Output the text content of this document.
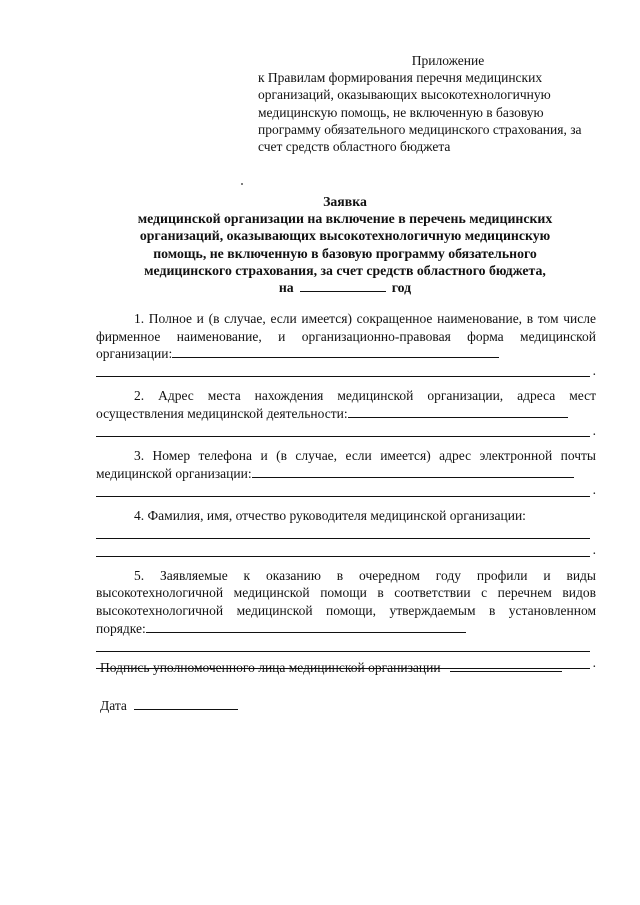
Приложение
к Правилам формирования перечня медицинских организаций, оказывающих высокотехнологичную медицинскую помощь, не включенную в базовую программу обязательного медицинского страхования, за счет средств областного бюджета
Заявка
медицинской организации на включение в перечень медицинских
организаций, оказывающих высокотехнологичную медицинскую
помощь, не включенную в базовую программу обязательного
медицинского страхования, за счет средств областного бюджета,
на	год
1. Полное и (в случае, если имеется) сокращенное наименование, в том числе фирменное наименование, и организационно-правовая форма медицинской организации:
.
2. Адрес места нахождения медицинской организации, адреса мест осуществления медицинской деятельности:
.
3. Номер телефона и (в случае, если имеется) адрес электронной почты медицинской организации:
.
4. Фамилия, имя, отчество руководителя медицинской организации:
.
5. Заявляемые к оказанию в очередном году профили и виды высокотехнологичной медицинской помощи в соответствии с перечнем видов высокотехнологичной медицинской помощи, утверждаемым в установленном порядке:
.
Подпись уполномоченного лица медицинской организации
Дата
